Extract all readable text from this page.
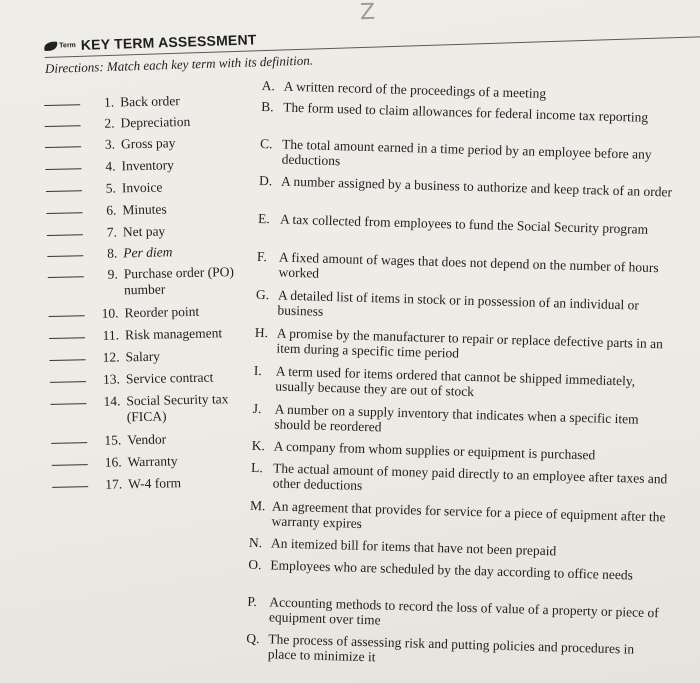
Z
Term KEY TERM ASSESSMENT
Directions: Match each key term with its definition.
1. Back order
2. Depreciation
3. Gross pay
4. Inventory
5. Invoice
6. Minutes
7. Net pay
8. Per diem
9. Purchase order (PO)
number
10. Reorder point
11. Risk management
12. Salary
13. Service contract
14. Social Security tax
(FICA)
15. Vendor
16. Warranty
17. W-4 form
A. A written record of the proceedings of a meeting
B. The form used to claim allowances for federal income tax reporting
C. The total amount earned in a time period by an employee before any deductions
D. A number assigned by a business to authorize and keep track of an order
E. A tax collected from employees to fund the Social Security program
F. A fixed amount of wages that does not depend on the number of hours worked
G. A detailed list of items in stock or in possession of an individual or business
H. A promise by the manufacturer to repair or replace defective parts in an item during a specific time period
I. A term used for items ordered that cannot be shipped immediately, usually because they are out of stock
J. A number on a supply inventory that indicates when a specific item should be reordered
K. A company from whom supplies or equipment is purchased
L. The actual amount of money paid directly to an employee after taxes and other deductions
M. An agreement that provides for service for a piece of equipment after the warranty expires
N. An itemized bill for items that have not been prepaid
O. Employees who are scheduled by the day according to office needs
P. Accounting methods to record the loss of value of a property or piece of equipment over time
Q. The process of assessing risk and putting policies and procedures in place to minimize it
